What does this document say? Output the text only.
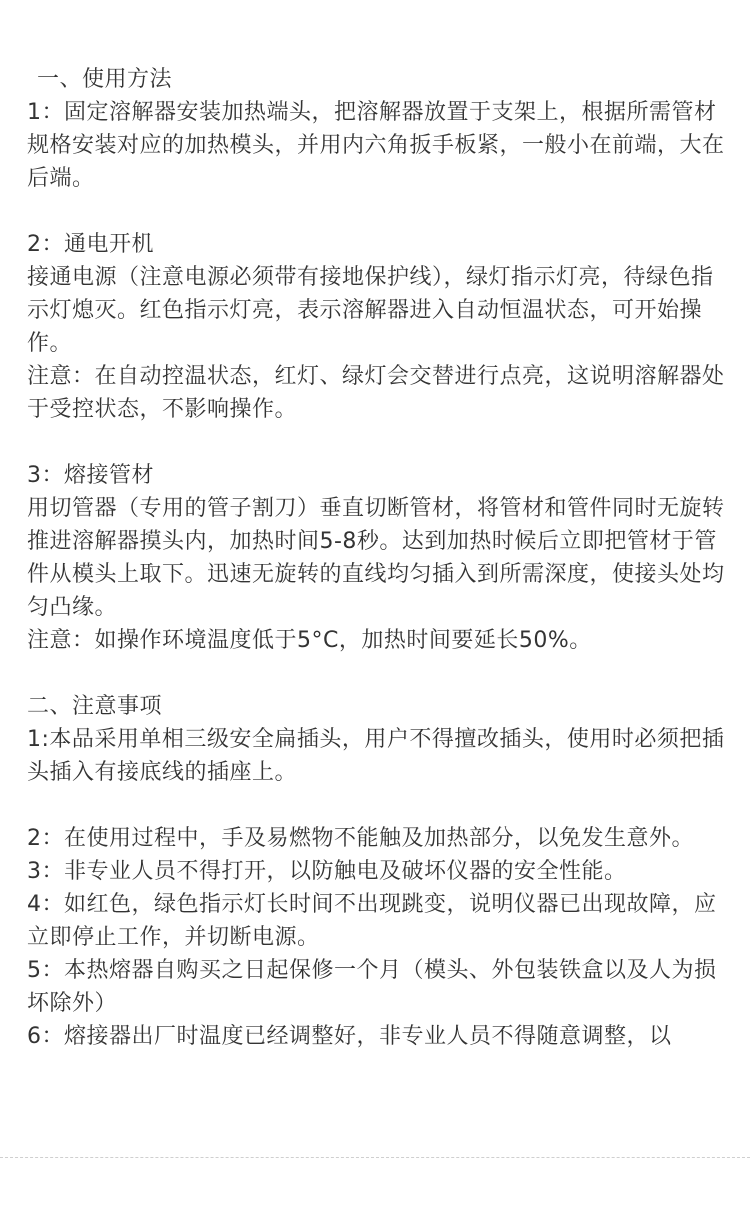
一、使用方法

1：固定溶解器安装加热端头，把溶解器放置于支架上，根据所需管材规格安装对应的加热模头，并用内六角扳手板紧，一般小在前端，大在后端。

2：通电开机

接通电源（注意电源必须带有接地保护线），绿灯指示灯亮，待绿色指示灯熄灭。红色指示灯亮，表示溶解器进入自动恒温状态，可开始操作。

注意：在自动控温状态，红灯、绿灯会交替进行点亮，这说明溶解器处于受控状态，不影响操作。

3：熔接管材

用切管器（专用的管子割刀）垂直切断管材，将管材和管件同时无旋转推进溶解器摸头内，加热时间5-8秒。达到加热时候后立即把管材于管件从模头上取下。迅速无旋转的直线均匀插入到所需深度，使接头处均匀凸缘。

注意：如操作环境温度低于5°C，加热时间要延长50%。

二、注意事项

1:本品采用单相三级安全扁插头，用户不得擅改插头，使用时必须把插头插入有接底线的插座上。

2：在使用过程中，手及易燃物不能触及加热部分，以免发生意外。

3：非专业人员不得打开，以防触电及破坏仪器的安全性能。

4：如红色，绿色指示灯长时间不出现跳变，说明仪器已出现故障，应立即停止工作，并切断电源。

5：本热熔器自购买之日起保修一个月（模头、外包装铁盒以及人为损坏除外）

6：熔接器出厂时温度已经调整好，非专业人员不得随意调整，以
